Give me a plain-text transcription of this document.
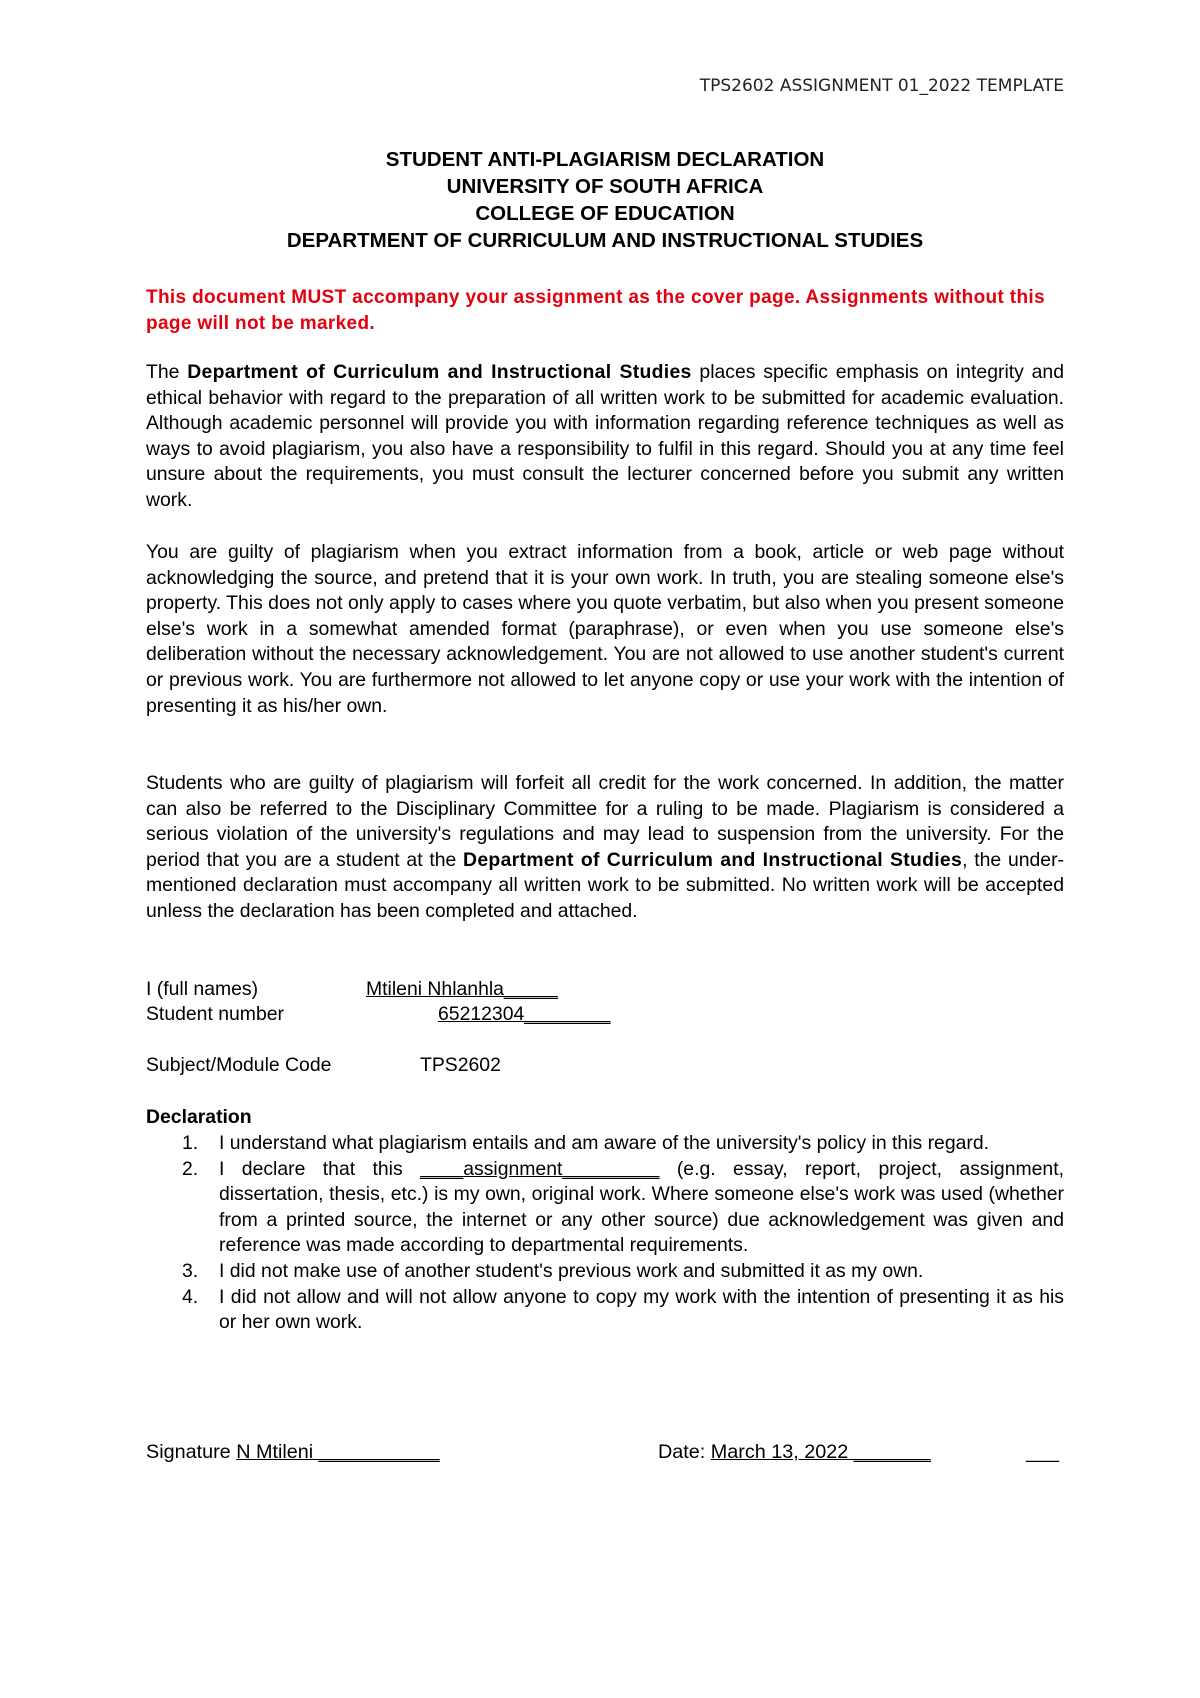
TPS2602 ASSIGNMENT 01_2022 TEMPLATE
STUDENT ANTI-PLAGIARISM DECLARATION
UNIVERSITY OF SOUTH AFRICA
COLLEGE OF EDUCATION
DEPARTMENT OF CURRICULUM AND INSTRUCTIONAL STUDIES
This document MUST accompany your assignment as the cover page. Assignments without this page will not be marked.
The Department of Curriculum and Instructional Studies places specific emphasis on integrity and ethical behavior with regard to the preparation of all written work to be submitted for academic evaluation. Although academic personnel will provide you with information regarding reference techniques as well as ways to avoid plagiarism, you also have a responsibility to fulfil in this regard. Should you at any time feel unsure about the requirements, you must consult the lecturer concerned before you submit any written work.
You are guilty of plagiarism when you extract information from a book, article or web page without acknowledging the source, and pretend that it is your own work. In truth, you are stealing someone else's property. This does not only apply to cases where you quote verbatim, but also when you present someone else's work in a somewhat amended format (paraphrase), or even when you use someone else's deliberation without the necessary acknowledgement. You are not allowed to use another student's current or previous work. You are furthermore not allowed to let anyone copy or use your work with the intention of presenting it as his/her own.
Students who are guilty of plagiarism will forfeit all credit for the work concerned. In addition, the matter can also be referred to the Disciplinary Committee for a ruling to be made. Plagiarism is considered a serious violation of the university's regulations and may lead to suspension from the university. For the period that you are a student at the Department of Curriculum and Instructional Studies, the under-mentioned declaration must accompany all written work to be submitted. No written work will be accepted unless the declaration has been completed and attached.
I (full names)	Mtileni Nhlanhla_____
Student number	65212304________
Subject/Module Code	TPS2602
Declaration
1. I understand what plagiarism entails and am aware of the university's policy in this regard.
2. I declare that this ____assignment_________ (e.g. essay, report, project, assignment, dissertation, thesis, etc.) is my own, original work. Where someone else's work was used (whether from a printed source, the internet or any other source) due acknowledgement was given and reference was made according to departmental requirements.
3. I did not make use of another student's previous work and submitted it as my own.
4. I did not allow and will not allow anyone to copy my work with the intention of presenting it as his or her own work.
Signature N Mtileni ___________	Date: March 13, 2022 _______	___
